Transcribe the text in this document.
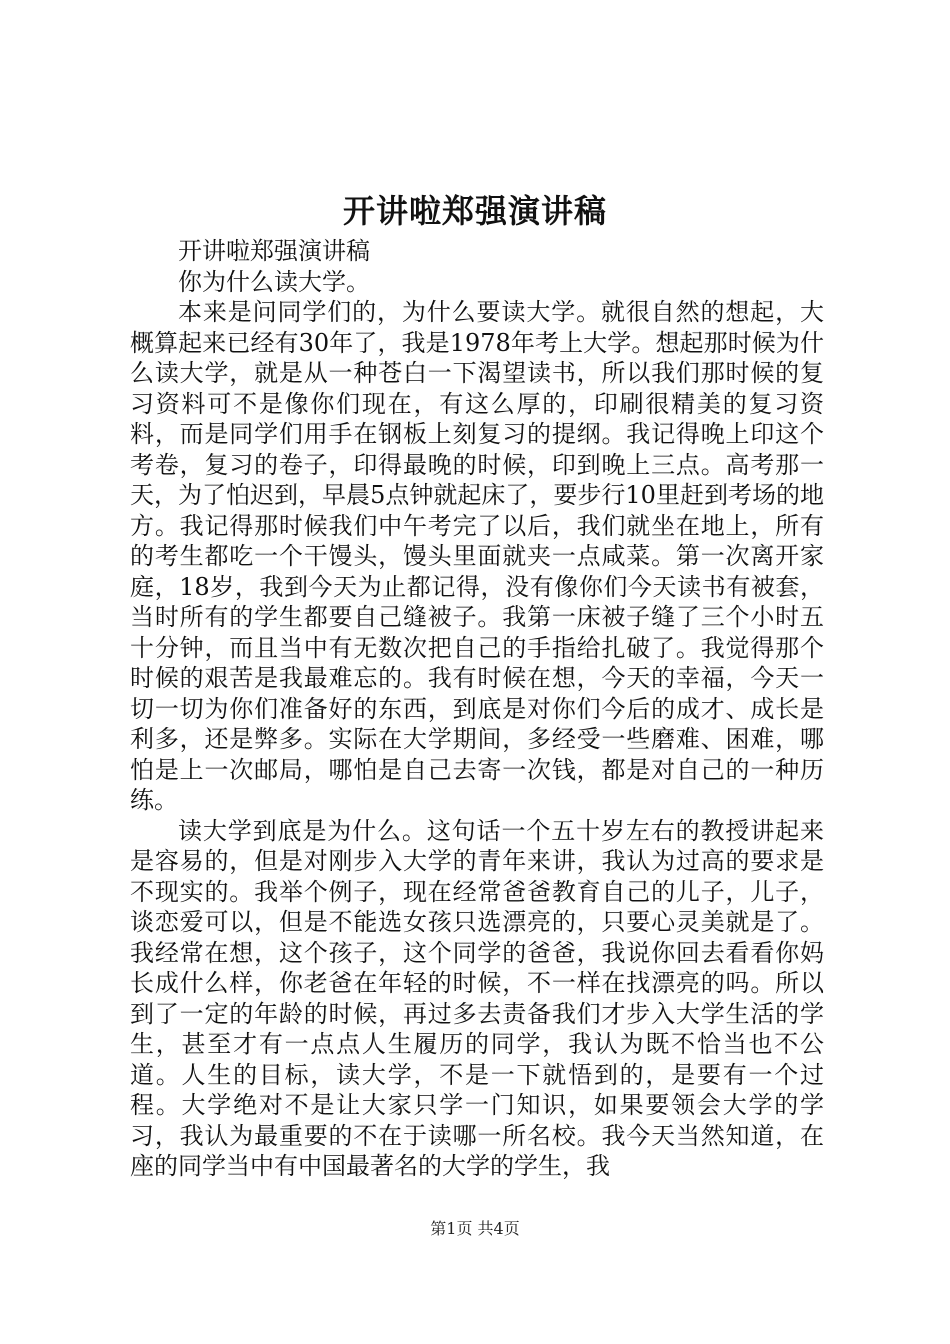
开讲啦郑强演讲稿

开讲啦郑强演讲稿

你为什么读大学。

本来是问同学们的，为什么要读大学。就很自然的想起，大概算起来已经有30年了，我是1978年考上大学。想起那时候为什么读大学，就是从一种苍白一下渴望读书，所以我们那时候的复习资料可不是像你们现在，有这么厚的，印刷很精美的复习资料，而是同学们用手在钢板上刻复习的提纲。我记得晚上印这个考卷，复习的卷子，印得最晚的时候，印到晚上三点。高考那一天，为了怕迟到，早晨5点钟就起床了，要步行10里赶到考场的地方。我记得那时候我们中午考完了以后，我们就坐在地上，所有的考生都吃一个干馒头，馒头里面就夹一点咸菜。第一次离开家庭，18岁，我到今天为止都记得，没有像你们今天读书有被套，当时所有的学生都要自己缝被子。我第一床被子缝了三个小时五十分钟，而且当中有无数次把自己的手指给扎破了。我觉得那个时候的艰苦是我最难忘的。我有时候在想，今天的幸福，今天一切一切为你们准备好的东西，到底是对你们今后的成才、成长是利多，还是弊多。实际在大学期间，多经受一些磨难、困难，哪怕是上一次邮局，哪怕是自己去寄一次钱，都是对自己的一种历练。

读大学到底是为什么。这句话一个五十岁左右的教授讲起来是容易的，但是对刚步入大学的青年来讲，我认为过高的要求是不现实的。我举个例子，现在经常爸爸教育自己的儿子，儿子，谈恋爱可以，但是不能选女孩只选漂亮的，只要心灵美就是了。我经常在想，这个孩子，这个同学的爸爸，我说你回去看看你妈长成什么样，你老爸在年轻的时候，不一样在找漂亮的吗。所以到了一定的年龄的时候，再过多去责备我们才步入大学生活的学生，甚至才有一点点人生履历的同学，我认为既不恰当也不公道。人生的目标，读大学，不是一下就悟到的，是要有一个过程。大学绝对不是让大家只学一门知识，如果要领会大学的学习，我认为最重要的不在于读哪一所名校。我今天当然知道，在座的同学当中有中国最著名的大学的学生，我

第1页 共4页
